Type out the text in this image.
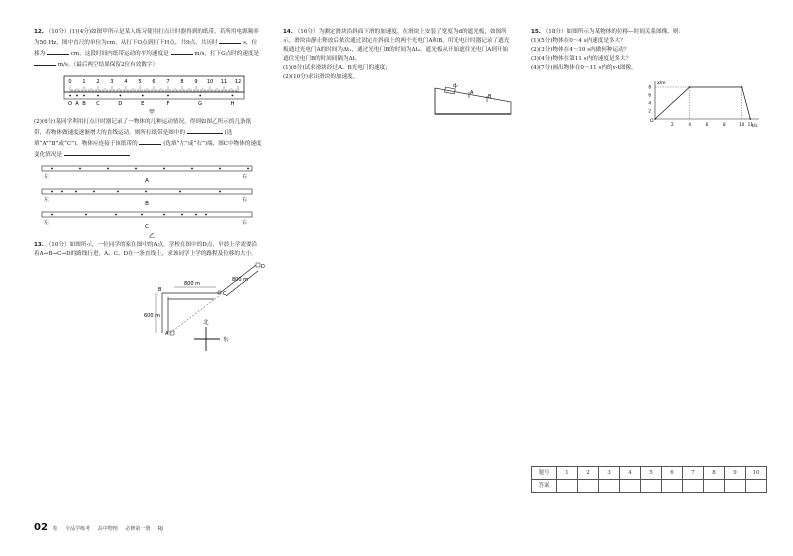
12. （10分）(1)(4分)如图甲所示是某人练习使用打点计时器得到的纸带，若所用电源频率为50 Hz，图中直尺的单位为cm，从打下O点到打下H点，共9点，共历时	s，位移为	cm，这段时间内纸带运动的平均速度是	m/s，打下G点时的速度是  m/s。（最后两空结果保留2位有效数字）

0 1 2 3 4 5 6 7 8 9 10 11 12
O A B C	D	E	F	G	H
甲

(2)(6分)某同学利用打点计时器记录了一物体的几种运动情况，得到如图乙所示的几条纸带，若物体做速度逐渐增大的直线运动，则所打纸带是图中的	(选填“A”“B”或“C”)，物体应连接于该纸带的	(选填“左”或“右”)端，图C中物体的速度变化情况是

左	右
A
左	右
B
左	右
C
乙

13. （10分）如图所示，一位同学的家在图中的A点，学校在图中的D点，早晨上学需要沿着A→B→C→D的路线行进，A、C、D在一条直线上，求该同学上学的路程及位移的大小。

600 m
800 m
800 m
A
B
C
D
北
东

14. （16分）为测定滑块沿斜面下滑的加速度，在滑块上安装了宽度为d的遮光板，如图所示，滑块由静止释放后依次通过固定在斜面上的两个光电门A和B，用光电计时器记录了遮光板通过光电门A的时间为Δt₁，通过光电门B的时间为Δt₂，遮光板从开始遮住光电门A到开始遮住光电门B的时间间隔为Δt。

(1)(6分)试求滑块经过A、B光电门的速度；

(2)(10分)求出滑块的加速度。

d
A
B

15. （18分）如图所示为某物体的位移—时间关系图像，则：

(1)(5分)物体在0～4 s内速度是多大？

(2)(3分)物体在4～10 s内做何种运动？

(3)(4分)物体在第11 s内的速度是多大？

(4)(7分)画出物体在0～11 s内的v-t图像。

x/m
t/s
O
8
6
4
2
2	4	6	8	10 11
题号	1	2	3	4	5	6	7	8	9	10
答案										
02 卷 全品学练考 高中物理 必修第一册 RJ
